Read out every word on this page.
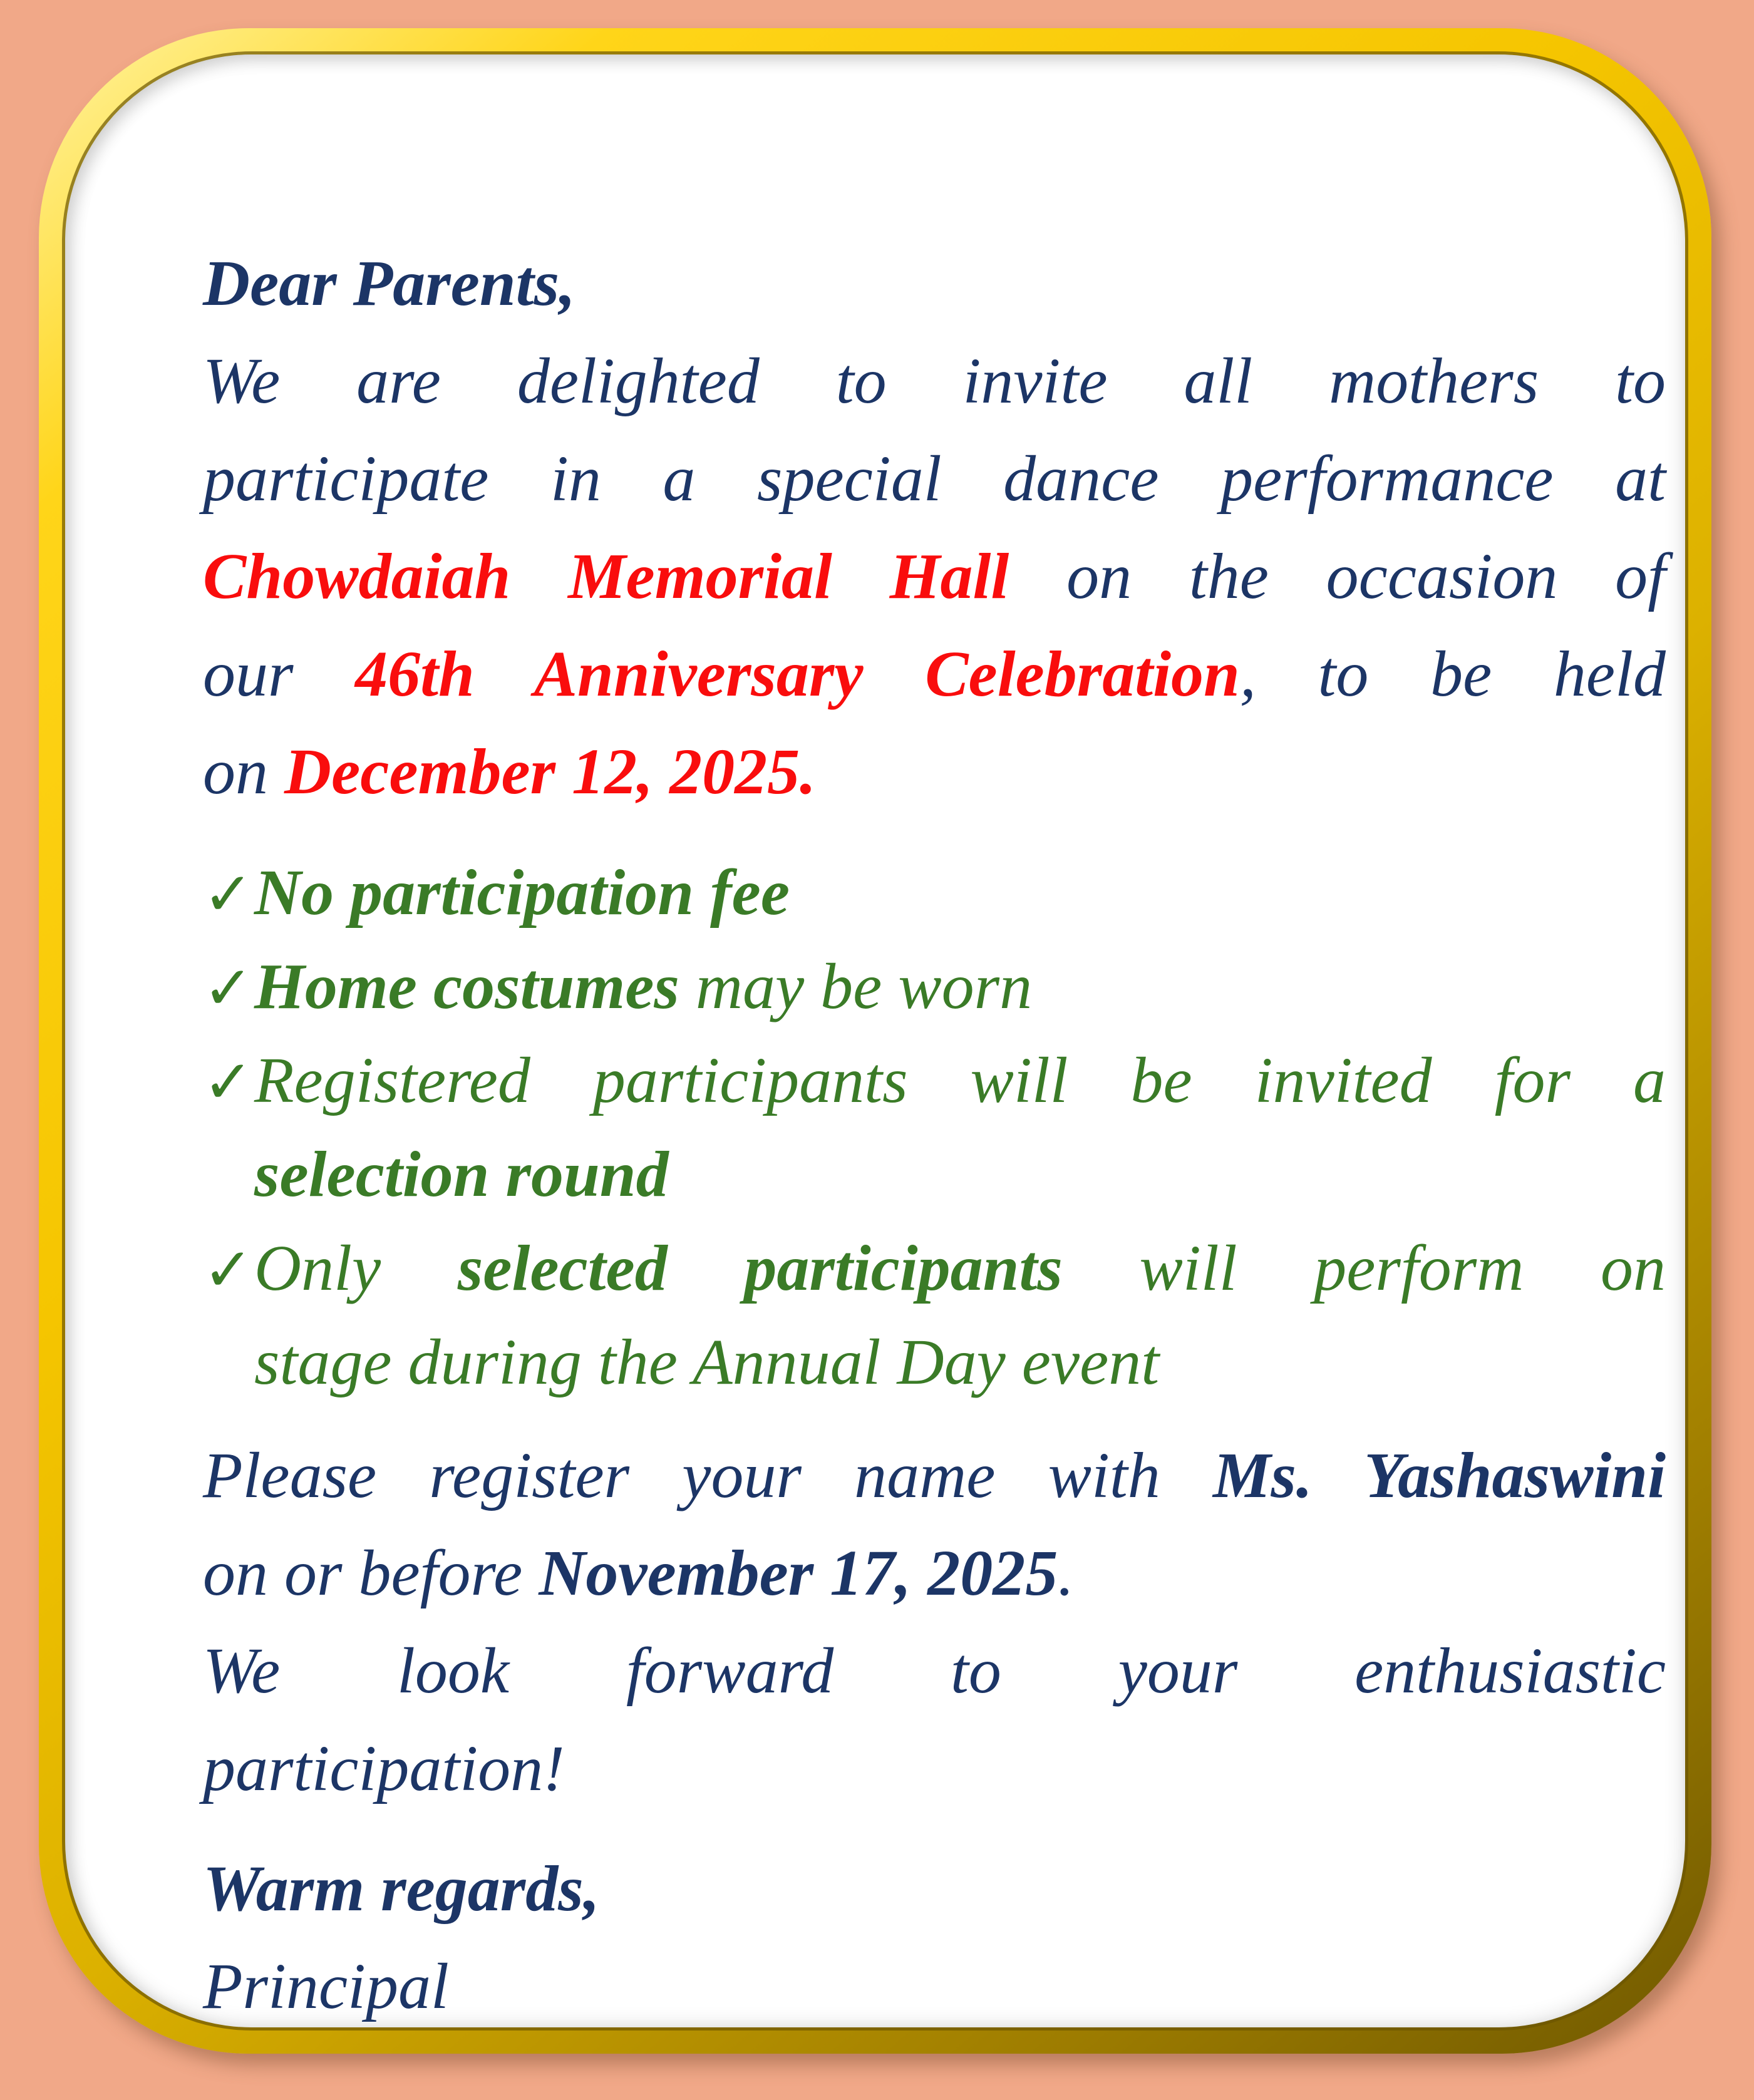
Dear Parents,
We are delighted to invite all mothers to
participate in a special dance performance at
Chowdaiah Memorial Hall on the occasion of
our 46th Anniversary Celebration, to be held
on December 12, 2025.
✓ No participation fee
✓ Home costumes may be worn
✓ Registered participants will be invited for a
selection round
✓ Only selected participants will perform on
stage during the Annual Day event
Please register your name with Ms. Yashaswini
on or before November 17, 2025.
We look forward to your enthusiastic
participation!
Warm regards,
Principal
